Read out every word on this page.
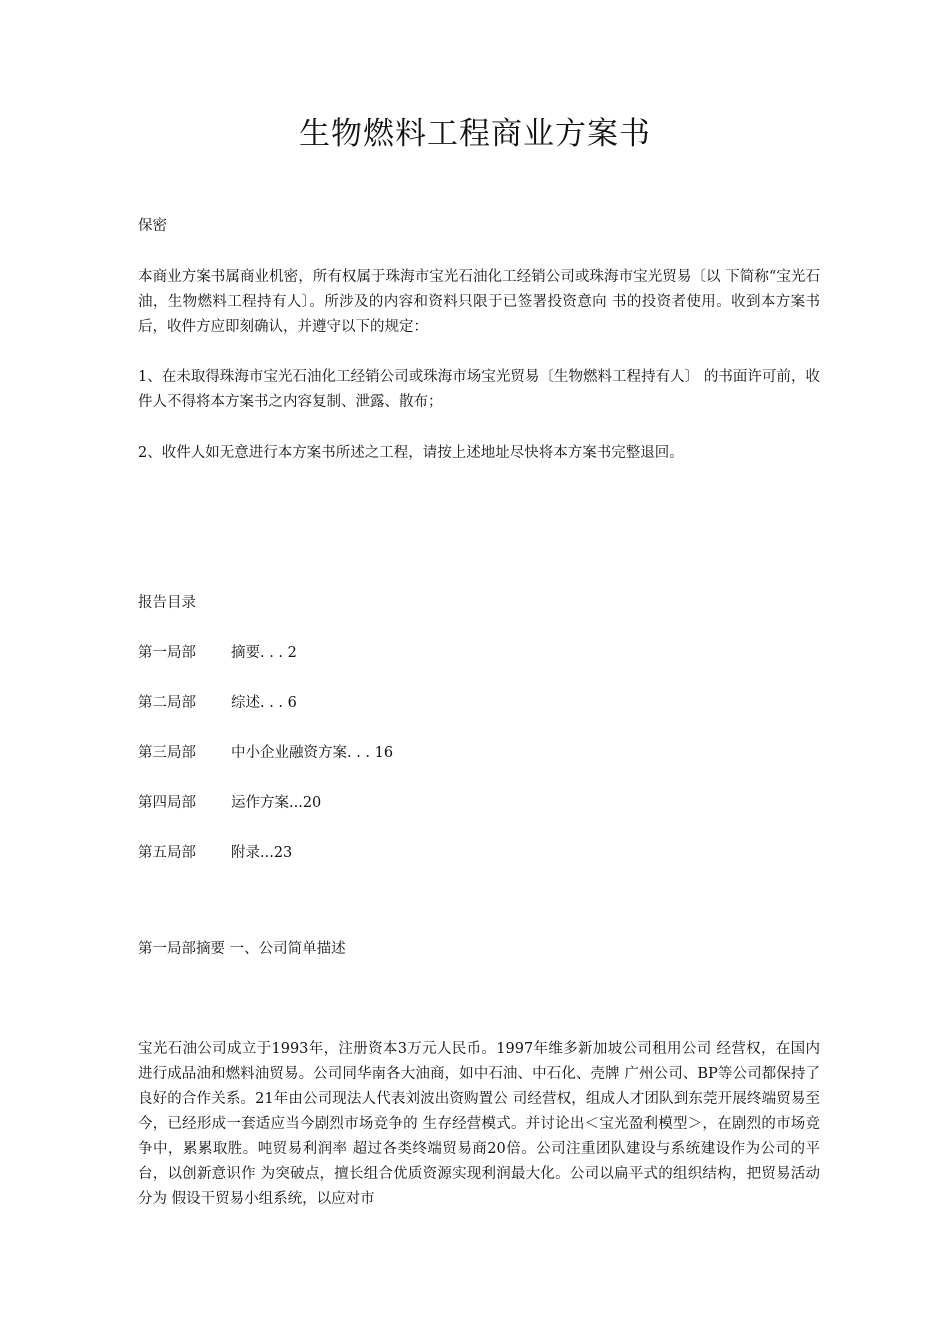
生物燃料工程商业方案书
保密
本商业方案书属商业机密，所有权属于珠海市宝光石油化工经销公司或珠海市宝光贸易〔以 下简称“宝光石油，生物燃料工程持有人〕。所涉及的内容和资料只限于已签署投资意向 书的投资者使用。收到本方案书后，收件方应即刻确认，并遵守以下的规定：
1、在未取得珠海市宝光石油化工经销公司或珠海市场宝光贸易〔生物燃料工程持有人〕 的书面许可前，收件人不得将本方案书之内容复制、泄露、散布；
2、收件人如无意进行本方案书所述之工程，请按上述地址尽快将本方案书完整退回。
报告目录
第一局部 摘要. . . 2
第二局部 综述. . . 6
第三局部 中小企业融资方案. . . 16
第四局部 运作方案...20
第五局部 附录...23
第一局部摘要 一、公司简单描述
宝光石油公司成立于1993年，注册资本3万元人民币。1997年维多新加坡公司租用公司 经营权，在国内进行成品油和燃料油贸易。公司同华南各大油商，如中石油、中石化、壳牌 广州公司、BP等公司都保持了良好的合作关系。21年由公司现法人代表刘波出资购置公 司经营权，组成人才团队到东莞开展终端贸易至今，已经形成一套适应当今剧烈市场竞争的 生存经营模式。并讨论出＜宝光盈利模型＞，在剧烈的市场竞争中，累累取胜。吨贸易利润率 超过各类终端贸易商20倍。公司注重团队建设与系统建设作为公司的平台，以创新意识作 为突破点，擅长组合优质资源实现利润最大化。公司以扁平式的组织结构，把贸易活动分为 假设干贸易小组系统，以应对市
